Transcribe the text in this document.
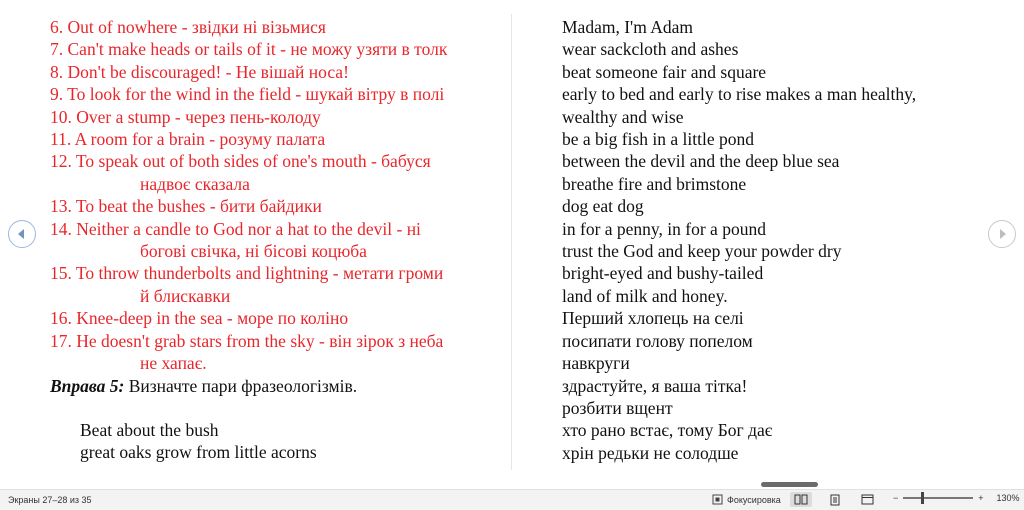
6. Out of nowhere - звідки ні візьмися
7. Can't make heads or tails of it - не можу узяти в толк
8. Don't be discouraged! - Не вішай носа!
9. To look for the wind in the field - шукай вітру в полі
10. Over a stump - через пень-колоду
11. A room for a brain - розуму палата
12. To speak out of both sides of one's mouth - бабуся
надвоє сказала
13. To beat the bushes - бити байдики
14. Neither a candle to God nor a hat to the devil - ні
богові свічка, ні бісові коцюба
15. To throw thunderbolts and lightning - метати громи
й блискавки
16. Knee-deep in the sea - море по коліно
17. He doesn't grab stars from the sky - він зірок з неба
не хапає.
Вправа 5: Визначте пари фразеологізмів.
Beat about the bush
great oaks grow from little acorns
Madam, I'm Adam
wear sackcloth and ashes
beat someone fair and square
early to bed and early to rise makes a man healthy,
wealthy and wise
be a big fish in a little pond
between the devil and the deep blue sea
breathe fire and brimstone
dog eat dog
in for a penny, in for a pound
trust the God and keep your powder dry
bright-eyed and bushy-tailed
land of milk and honey.
Перший хлопець на селі
посипати голову попелом
навкруги
здрастуйте, я ваша тітка!
розбити вщент
хто рано встає, тому Бог дає
хрін редьки не солодше
Экраны 27–28 из 35	Фокусировка	−	+ 130%
